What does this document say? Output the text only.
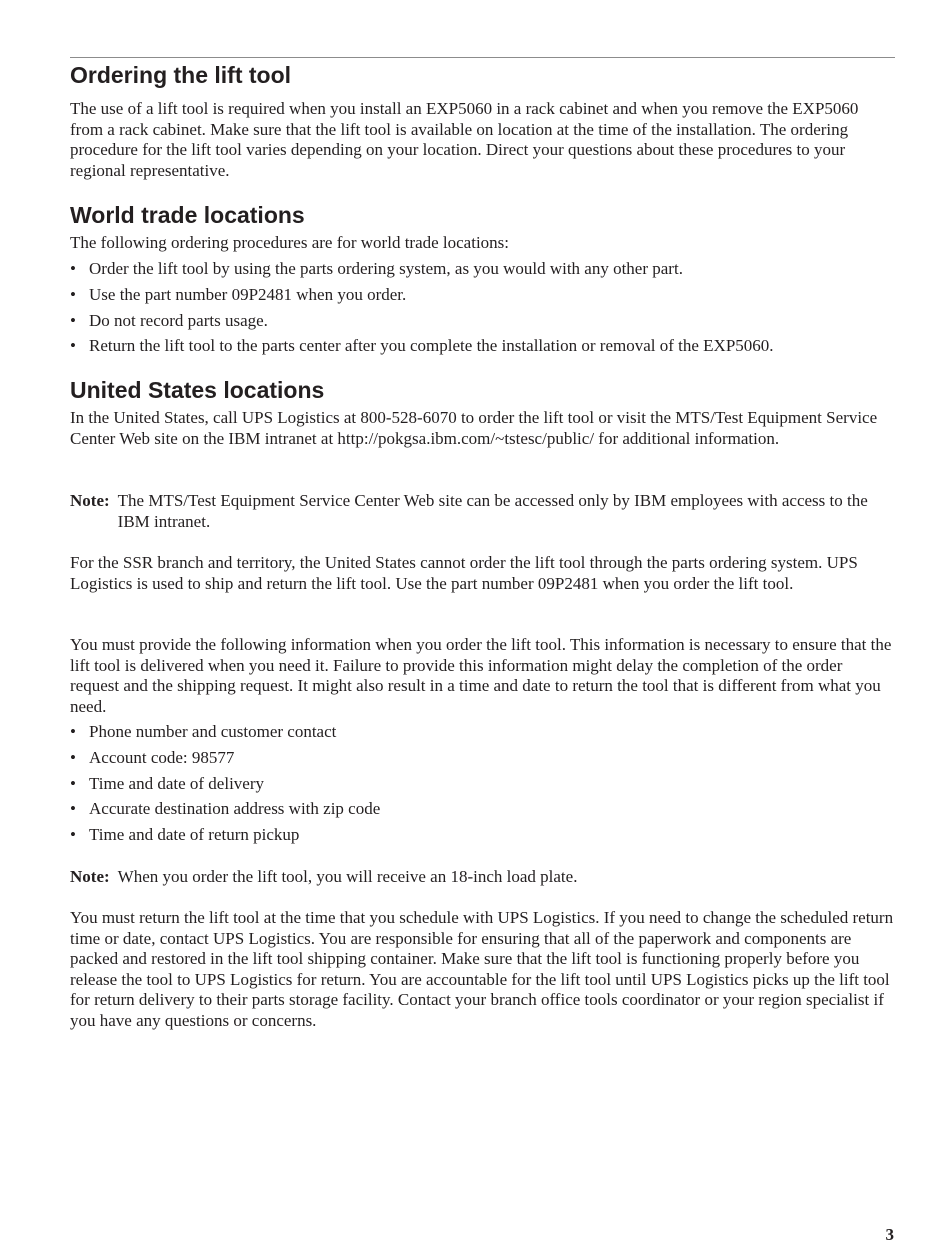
Ordering the lift tool

The use of a lift tool is required when you install an EXP5060 in a rack cabinet and when you remove the EXP5060 from a rack cabinet. Make sure that the lift tool is available on location at the time of the installation. The ordering procedure for the lift tool varies depending on your location. Direct your questions about these procedures to your regional representative.

World trade locations

The following ordering procedures are for world trade locations:

• Order the lift tool by using the parts ordering system, as you would with any other part.
• Use the part number 09P2481 when you order.
• Do not record parts usage.
• Return the lift tool to the parts center after you complete the installation or removal of the EXP5060.
United States locations

In the United States, call UPS Logistics at 800-528-6070 to order the lift tool or visit the MTS/Test Equipment Service Center Web site on the IBM intranet at http://pokgsa.ibm.com/~tstesc/public/ for additional information.

Note: The MTS/Test Equipment Service Center Web site can be accessed only by IBM employees with access to the IBM intranet.

For the SSR branch and territory, the United States cannot order the lift tool through the parts ordering system. UPS Logistics is used to ship and return the lift tool. Use the part number 09P2481 when you order the lift tool.

You must provide the following information when you order the lift tool. This information is necessary to ensure that the lift tool is delivered when you need it. Failure to provide this information might delay the completion of the order request and the shipping request. It might also result in a time and date to return the tool that is different from what you need.

• Phone number and customer contact
• Account code: 98577
• Time and date of delivery
• Accurate destination address with zip code
• Time and date of return pickup
Note: When you order the lift tool, you will receive an 18-inch load plate.

You must return the lift tool at the time that you schedule with UPS Logistics. If you need to change the scheduled return time or date, contact UPS Logistics. You are responsible for ensuring that all of the paperwork and components are packed and restored in the lift tool shipping container. Make sure that the lift tool is functioning properly before you release the tool to UPS Logistics for return. You are accountable for the lift tool until UPS Logistics picks up the lift tool for return delivery to their parts storage facility. Contact your branch office tools coordinator or your region specialist if you have any questions or concerns.

3
